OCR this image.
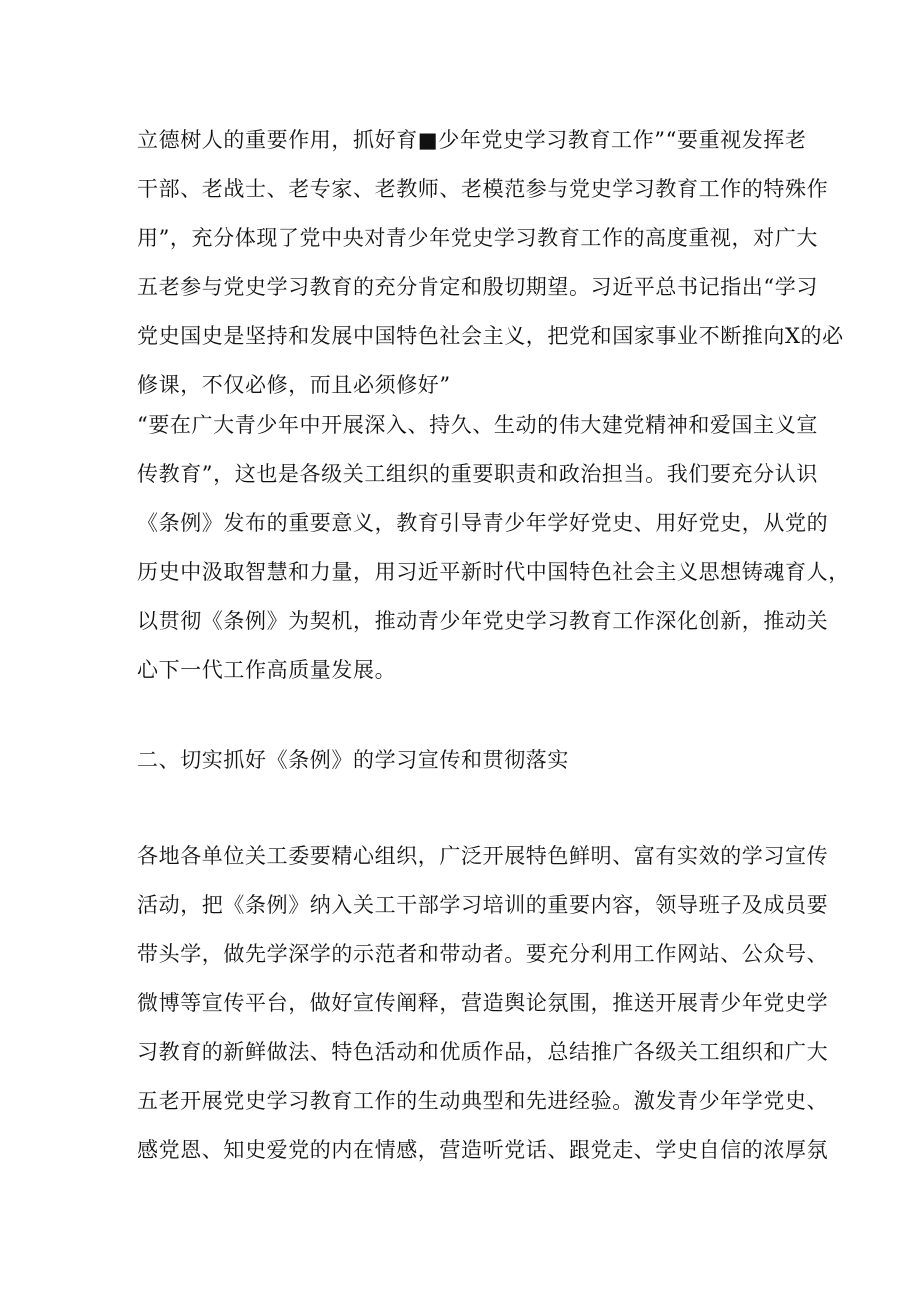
立德树人的重要作用，抓好育■少年党史学习教育工作”“要重视发挥老
干部、老战士、老专家、老教师、老模范参与党史学习教育工作的特殊作
用”，充分体现了党中央对青少年党史学习教育工作的高度重视，对广大
五老参与党史学习教育的充分肯定和殷切期望。习近平总书记指出“学习
党史国史是坚持和发展中国特色社会主义，把党和国家事业不断推向X的必
修课，不仅必修，而且必须修好”
“要在广大青少年中开展深入、持久、生动的伟大建党精神和爱国主义宣
传教育”，这也是各级关工组织的重要职责和政治担当。我们要充分认识
《条例》发布的重要意义，教育引导青少年学好党史、用好党史，从党的
历史中汲取智慧和力量，用习近平新时代中国特色社会主义思想铸魂育人，
以贯彻《条例》为契机，推动青少年党史学习教育工作深化创新，推动关
心下一代工作高质量发展。
二、切实抓好《条例》的学习宣传和贯彻落实
各地各单位关工委要精心组织，广泛开展特色鲜明、富有实效的学习宣传
活动，把《条例》纳入关工干部学习培训的重要内容，领导班子及成员要
带头学，做先学深学的示范者和带动者。要充分利用工作网站、公众号、
微博等宣传平台，做好宣传阐释，营造舆论氛围，推送开展青少年党史学
习教育的新鲜做法、特色活动和优质作品，总结推广各级关工组织和广大
五老开展党史学习教育工作的生动典型和先进经验。激发青少年学党史、
感党恩、知史爱党的内在情感，营造听党话、跟党走、学史自信的浓厚氛
